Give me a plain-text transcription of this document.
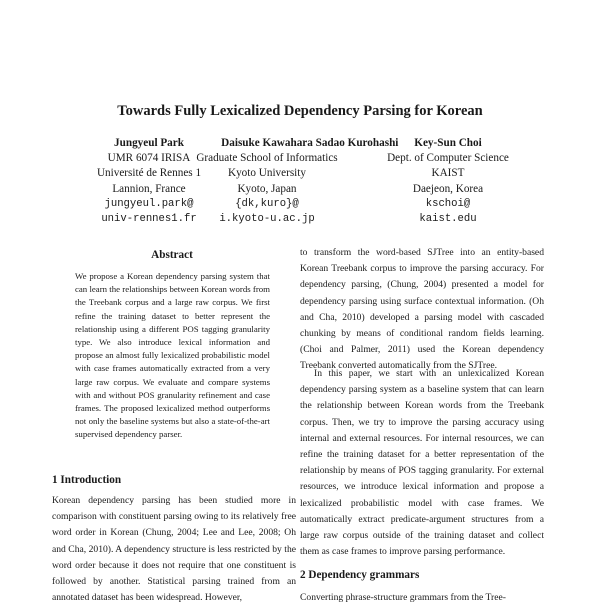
Towards Fully Lexicalized Dependency Parsing for Korean
Jungyeul Park
UMR 6074 IRISA
Université de Rennes 1
Lannion, France
jungyeul.park@
univ-rennes1.fr
Daisuke Kawahara
Graduate School of Informatics
Kyoto University
Kyoto, Japan
{dk,kuro}@
i.kyoto-u.ac.jp
Sadao Kurohashi	Key-Sun Choi
Dept. of Computer Science
KAIST
Daejeon, Korea
kschoi@
kaist.edu
Abstract

We propose a Korean dependency parsing system that can learn the relationships between Korean words from the Treebank corpus and a large raw corpus. We first refine the training dataset to better represent the relationship using a different POS tagging granularity type. We also introduce lexical information and propose an almost fully lexicalized probabilistic model with case frames automatically extracted from a very large raw corpus. We evaluate and compare systems with and without POS granularity refinement and case frames. The proposed lexicalized method outperforms not only the baseline systems but also a state-of-the-art supervised dependency parser.

1 Introduction

Korean dependency parsing has been studied more in comparison with constituent parsing owing to its relatively free word order in Korean (Chung, 2004; Lee and Lee, 2008; Oh and Cha, 2010). A dependency structure is less restricted by the word order because it does not require that one constituent is followed by another. Statistical parsing trained from an annotated dataset has been widespread. However,

to transform the word-based SJTree into an entity-based Korean Treebank corpus to improve the parsing accuracy. For dependency parsing, (Chung, 2004) presented a model for dependency parsing using surface contextual information. (Oh and Cha, 2010) developed a parsing model with cascaded chunking by means of conditional random fields learning. (Choi and Palmer, 2011) used the Korean dependency Treebank converted automatically from the SJTree.

In this paper, we start with an unlexicalized Korean dependency parsing system as a baseline system that can learn the relationship between Korean words from the Treebank corpus. Then, we try to improve the parsing accuracy using internal and external resources. For internal resources, we can refine the training dataset for a better representation of the relationship by means of POS tagging granularity. For external resources, we introduce lexical information and propose a lexicalized probabilistic model with case frames. We automatically extract predicate-argument structures from a large raw corpus outside of the training dataset and collect them as case frames to improve parsing performance.

2 Dependency grammars

Converting phrase-structure grammars from the Tree-
